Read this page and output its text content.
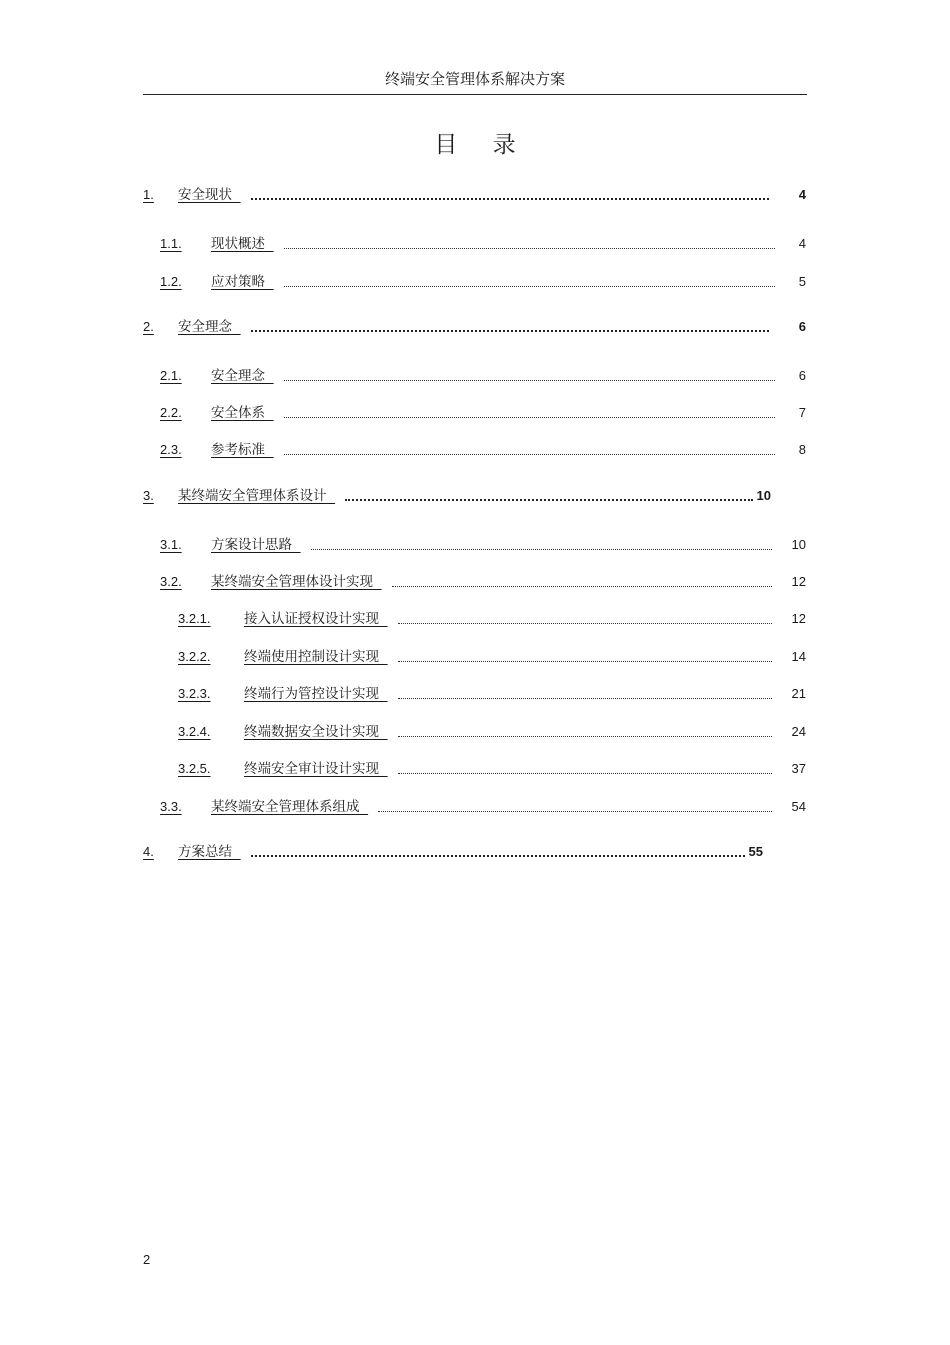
终端安全管理体系解决方案
目 录
1.	安全现状	4
1.1.	现状概述	4
1.2.	应对策略	5
2.	安全理念	6
2.1.	安全理念	6
2.2.	安全体系	7
2.3.	参考标准	8
3.	某终端安全管理体系设计	10
3.1.	方案设计思路	10
3.2.	某终端安全管理体设计实现	12
3.2.1.	接入认证授权设计实现	12
3.2.2.	终端使用控制设计实现	14
3.2.3.	终端行为管控设计实现	21
3.2.4.	终端数据安全设计实现	24
3.2.5.	终端安全审计设计实现	37
3.3.	某终端安全管理体系组成	54
4.	方案总结	55
2
